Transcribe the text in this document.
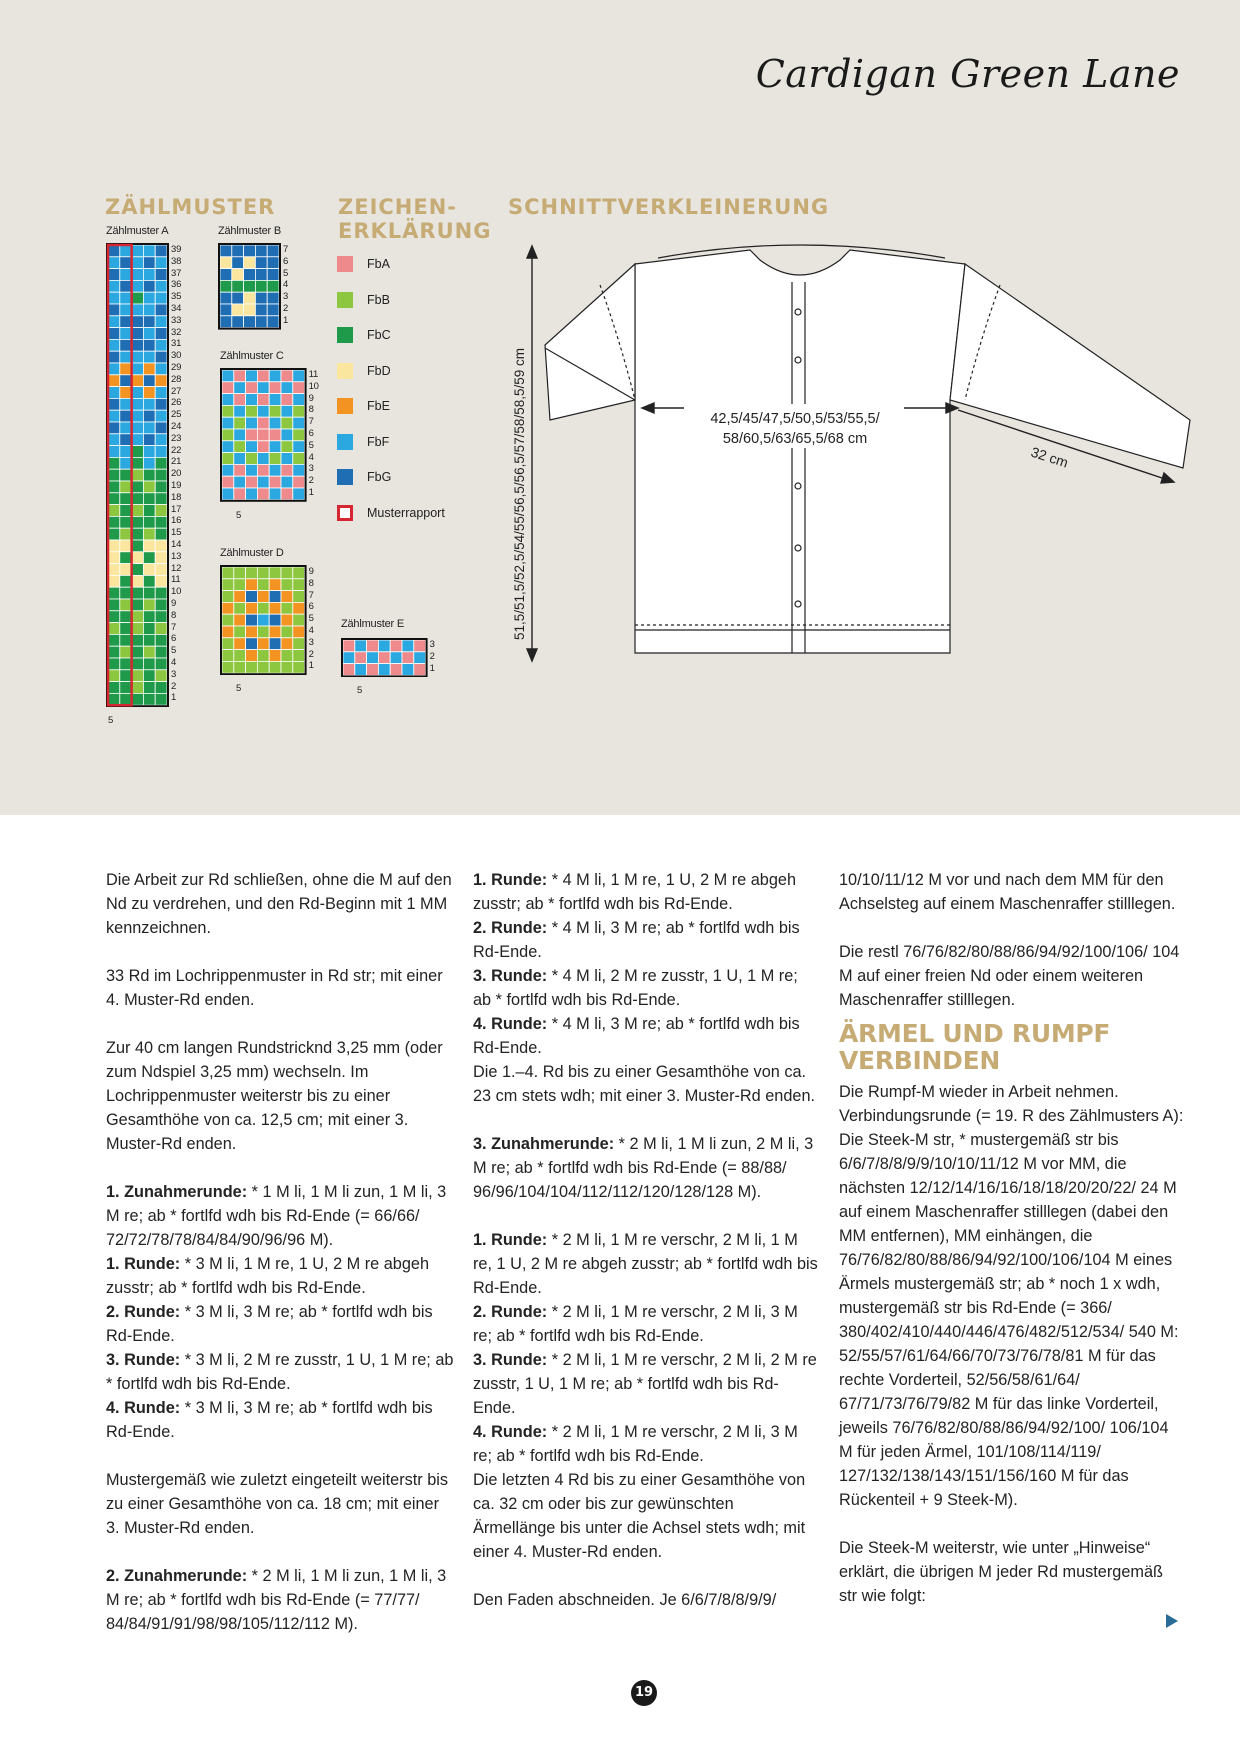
Cardigan Green Lane
ZÄHLMUSTER	ZEICHEN-
ERKLÄRUNG
SCHNITTVERKLEINERUNG
Zählmuster A
39
38
37
36
35
34
33
32
31
30
29
28
27
26
25
24
23
22
21
20
19
18
17
16
15
14
13
12
11
10
9
8
7
6
5
4
3
2
1
5
Zählmuster B
7
6
5
4
3
2
1
Zählmuster C
11
10
9
8
7
6
5
4
3
2
1
5
Zählmuster D
9
8
7
6
5
4
3
2
1
5
Zählmuster E
3
2
1
5
FbA
FbB
FbC
FbD
FbE
FbF
FbG
Musterrapport	51,5/51,5/52,5/54/55/56,5/56,5/57/58/58,5/59 cm	42,5/45/47,5/50,5/53/55,5/
58/60,5/63/65,5/68 cm
32 cm

Die Arbeit zur Rd schließen, ohne die M auf den Nd zu verdrehen, und den Rd-Beginn mit 1 MM kennzeichnen.

33 Rd im Lochrippenmuster in Rd str; mit einer 4. Muster-Rd enden.

Zur 40 cm langen Rundstricknd 3,25 mm (oder zum Ndspiel 3,25 mm) wechseln. Im Lochrippenmuster weiterstr bis zu einer Gesamthöhe von ca. 12,5 cm; mit einer 3. Muster-Rd enden.

1. Zunahmerunde: * 1 M li, 1 M li zun, 1 M li, 3 M re; ab * fortlfd wdh bis Rd-Ende (= 66/66/ 72/72/78/78/84/84/90/96/96 M).

1. Runde: * 3 M li, 1 M re, 1 U, 2 M re abgeh zusstr; ab * fortlfd wdh bis Rd-Ende.

2. Runde: * 3 M li, 3 M re; ab * fortlfd wdh bis Rd-Ende.

3. Runde: * 3 M li, 2 M re zusstr, 1 U, 1 M re; ab * fortlfd wdh bis Rd-Ende.

4. Runde: * 3 M li, 3 M re; ab * fortlfd wdh bis Rd-Ende.

Mustergemäß wie zuletzt eingeteilt weiterstr bis zu einer Gesamthöhe von ca. 18 cm; mit einer 3. Muster-Rd enden.

2. Zunahmerunde: * 2 M li, 1 M li zun, 1 M li, 3 M re; ab * fortlfd wdh bis Rd-Ende (= 77/77/ 84/84/91/91/98/98/105/112/112 M).

1. Runde: * 4 M li, 1 M re, 1 U, 2 M re abgeh zusstr; ab * fortlfd wdh bis Rd-Ende.

2. Runde: * 4 M li, 3 M re; ab * fortlfd wdh bis Rd-Ende.

3. Runde: * 4 M li, 2 M re zusstr, 1 U, 1 M re; ab * fortlfd wdh bis Rd-Ende.

4. Runde: * 4 M li, 3 M re; ab * fortlfd wdh bis Rd-Ende.

Die 1.–4. Rd bis zu einer Gesamthöhe von ca. 23 cm stets wdh; mit einer 3. Muster-Rd enden.

3. Zunahmerunde: * 2 M li, 1 M li zun, 2 M li, 3 M re; ab * fortlfd wdh bis Rd-Ende (= 88/88/ 96/96/104/104/112/112/120/128/128 M).

1. Runde: * 2 M li, 1 M re verschr, 2 M li, 1 M re, 1 U, 2 M re abgeh zusstr; ab * fortlfd wdh bis Rd-Ende.

2. Runde: * 2 M li, 1 M re verschr, 2 M li, 3 M re; ab * fortlfd wdh bis Rd-Ende.

3. Runde: * 2 M li, 1 M re verschr, 2 M li, 2 M re zusstr, 1 U, 1 M re; ab * fortlfd wdh bis Rd-Ende.

4. Runde: * 2 M li, 1 M re verschr, 2 M li, 3 M re; ab * fortlfd wdh bis Rd-Ende.

Die letzten 4 Rd bis zu einer Gesamthöhe von ca. 32 cm oder bis zur gewünschten Ärmellänge bis unter die Achsel stets wdh; mit einer 4. Muster-Rd enden.

Den Faden abschneiden. Je 6/6/7/8/8/9/9/

10/10/11/12 M vor und nach dem MM für den Achselsteg auf einem Maschenraffer stilllegen.

Die restl 76/76/82/80/88/86/94/92/100/106/ 104 M auf einer freien Nd oder einem weiteren Maschenraffer stilllegen.

ÄRMEL UND RUMPF
VERBINDEN

Die Rumpf-M wieder in Arbeit nehmen. Verbindungsrunde (= 19. R des Zählmusters A): Die Steek-M str, * mustergemäß str bis 6/6/7/8/8/9/9/10/10/11/12 M vor MM, die nächsten 12/12/14/16/16/18/18/20/20/22/ 24 M auf einem Maschenraffer stilllegen (dabei den MM entfernen), MM einhängen, die 76/76/82/80/88/86/94/92/100/106/104 M eines Ärmels mustergemäß str; ab * noch 1 x wdh, mustergemäß str bis Rd-Ende (= 366/ 380/402/410/440/446/476/482/512/534/ 540 M: 52/55/57/61/64/66/70/73/76/78/81 M für das rechte Vorderteil, 52/56/58/61/64/ 67/71/73/76/79/82 M für das linke Vorderteil, jeweils 76/76/82/80/88/86/94/92/100/ 106/104 M für jeden Ärmel, 101/108/114/119/ 127/132/138/143/151/156/160 M für das Rückenteil + 9 Steek-M).

Die Steek-M weiterstr, wie unter „Hinweise“ erklärt, die übrigen M jeder Rd mustergemäß str wie folgt:

19
